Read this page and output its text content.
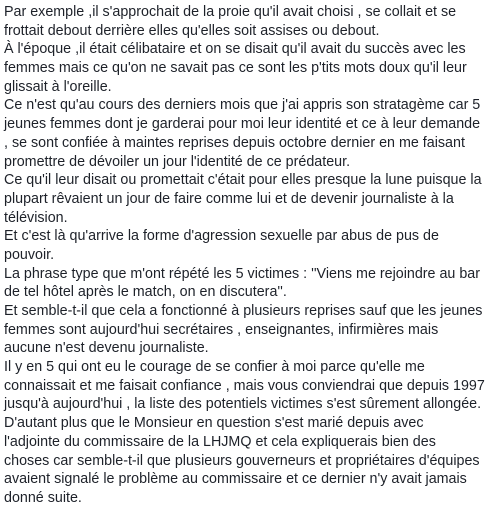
Par exemple ,il s'approchait de la proie qu'il avait choisi , se collait et se
frottait debout derrière elles qu'elles soit assises ou debout.
À l'époque ,il était célibataire et on se disait qu'il avait du succès avec les
femmes mais ce qu'on ne savait pas ce sont les p'tits mots doux qu'il leur
glissait à l'oreille.
Ce n'est qu'au cours des derniers mois que j'ai appris son stratagème car 5
jeunes femmes dont je garderai pour moi leur identité et ce à leur demande
, se sont confiée à maintes reprises depuis octobre dernier en me faisant
promettre de dévoiler un jour l'identité de ce prédateur.
Ce qu'il leur disait ou promettait c'était pour elles presque la lune puisque la
plupart rêvaient un jour de faire comme lui et de devenir journaliste à la
télévision.
Et c'est là qu'arrive la forme d'agression sexuelle par abus de pus de
pouvoir.
La phrase type que m'ont répété les 5 victimes : ''Viens me rejoindre au bar
de tel hôtel après le match, on en discutera''.
Et semble-t-il que cela a fonctionné à plusieurs reprises sauf que les jeunes
femmes sont aujourd'hui secrétaires , enseignantes, infirmières mais
aucune n'est devenu journaliste.
Il y en 5 qui ont eu le courage de se confier à moi parce qu'elle me
connaissait et me faisait confiance , mais vous conviendrai que depuis 1997
jusqu'à aujourd'hui , la liste des potentiels victimes s'est sûrement allongée.
D'autant plus que le Monsieur en question s'est marié depuis avec
l'adjointe du commissaire de la LHJMQ et cela expliquerais bien des
choses car semble-t-il que plusieurs gouverneurs et propriétaires d'équipes
avaient signalé le problème au commissaire et ce dernier n'y avait jamais
donné suite.
